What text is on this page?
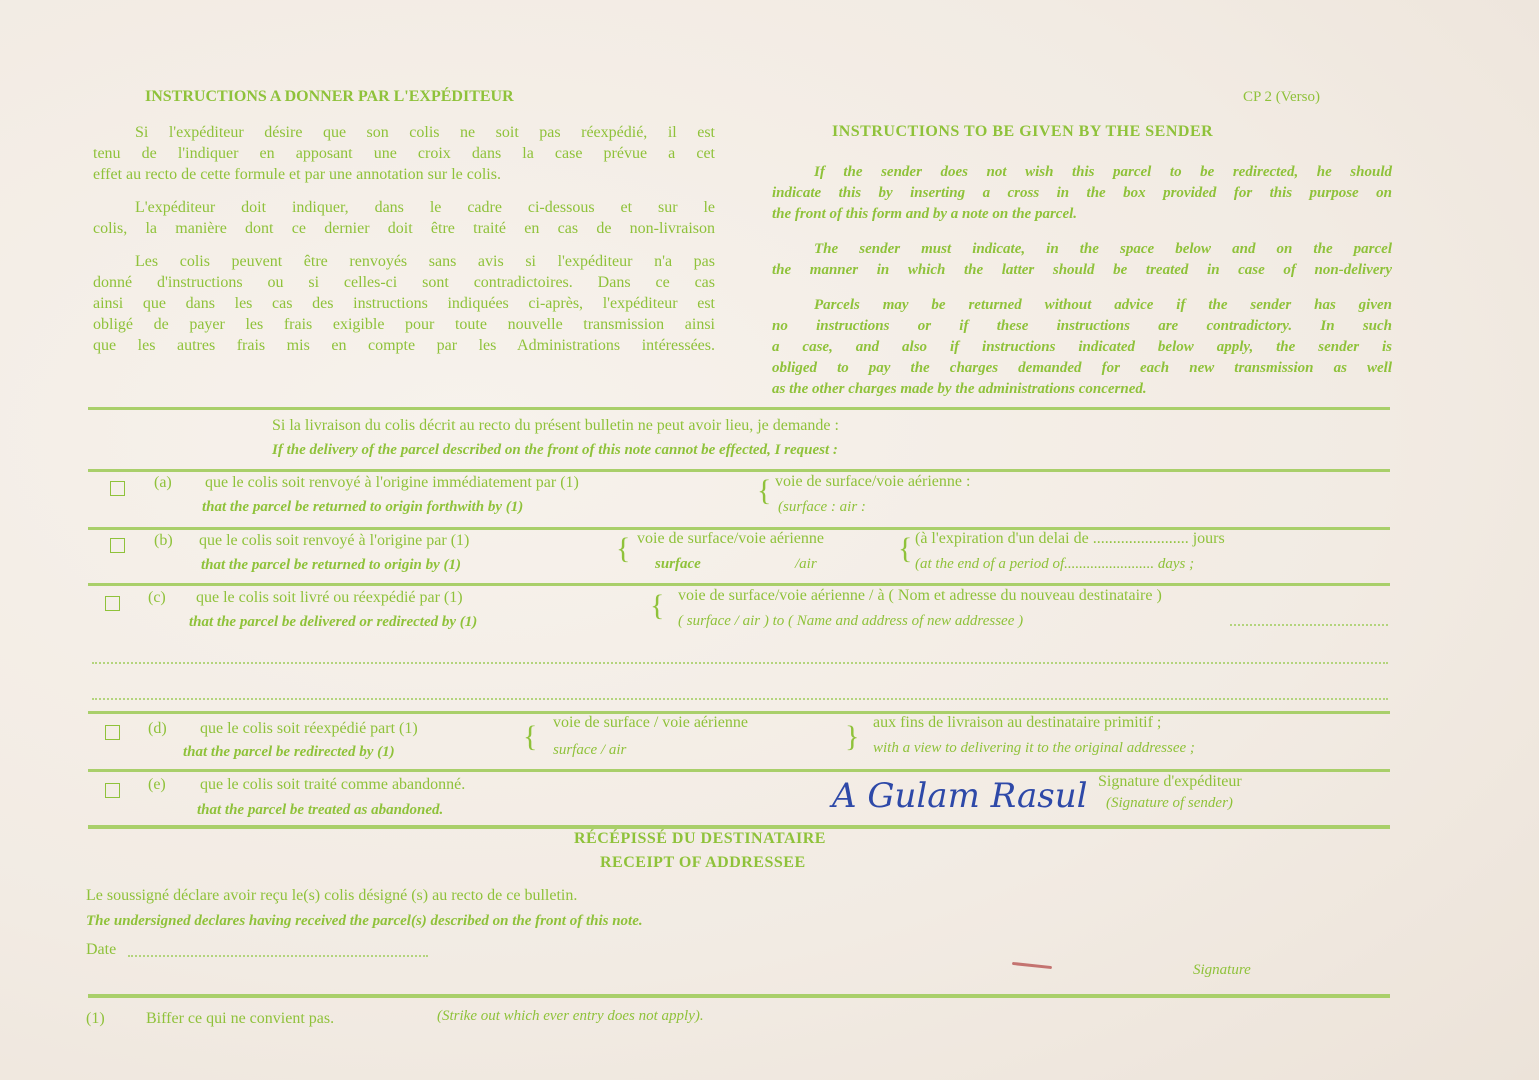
INSTRUCTIONS A DONNER PAR L'EXPÉDITEUR	CP 2 (Verso)
INSTRUCTIONS TO BE GIVEN BY THE SENDER

Si l'expéditeur désire que son colis ne soit pas réexpédié, il est

tenu de l'indiquer en apposant une croix dans la case prévue a cet

effet au recto de cette formule et par une annotation sur le colis.

L'expéditeur doit indiquer, dans le cadre ci-dessous et sur le

colis, la manière dont ce dernier doit être traité en cas de non-livraison

Les colis peuvent être renvoyés sans avis si l'expéditeur n'a pas

donné d'instructions ou si celles-ci sont contradictoires. Dans ce cas

ainsi que dans les cas des instructions indiquées ci-après, l'expéditeur est

obligé de payer les frais exigible pour toute nouvelle transmission ainsi

que les autres frais mis en compte par les Administrations intéressées.

If the sender does not wish this parcel to be redirected, he should

indicate this by inserting a cross in the box provided for this purpose on

the front of this form and by a note on the parcel.

The sender must indicate, in the space below and on the parcel

the manner in which the latter should be treated in case of non-delivery

Parcels may be returned without advice if the sender has given

no instructions or if these instructions are contradictory. In such

a case, and also if instructions indicated below apply, the sender is

obliged to pay the charges demanded for each new transmission as well

as the other charges made by the administrations concerned.

Si la livraison du colis décrit au recto du présent bulletin ne peut avoir lieu, je demande :
If the delivery of the parcel described on the front of this note cannot be effected, I request :
(a) que le colis soit renvoyé à l'origine immédiatement par (1)
that the parcel be returned to origin forthwith by (1)	{ voie de surface/voie aérienne :
(surface : air :
(b) que le colis soit renvoyé à l'origine par (1)
that the parcel be returned to origin by (1)	{ voie de surface/voie aérienne
surface	/air	{ (à l'expiration d'un delai de ........................ jours
(at the end of a period of........................ days ;
(c) que le colis soit livré ou réexpédié par (1)
that the parcel be delivered or redirected by (1)	{ voie de surface/voie aérienne / à ( Nom et adresse du nouveau destinataire )
( surface / air ) to ( Name and address of new addressee )
(d) que le colis soit réexpédié part (1)
that the parcel be redirected by (1)	{ voie de surface / voie aérienne
surface / air	} aux fins de livraison au destinataire primitif ;
with a view to delivering it to the original addressee ;
(e) que le colis soit traité comme abandonné.
that the parcel be treated as abandoned.
Signature d'expéditeur
(Signature of sender)
A Gulam Rasul
RÉCÉPISSÉ DU DESTINATAIRE
RECEIPT OF ADDRESSEE
Le soussigné déclare avoir reçu le(s) colis désigné (s) au recto de ce bulletin.
The undersigned declares having received the parcel(s) described on the front of this note.
Date
Signature
(1)	Biffer ce qui ne convient pas.	(Strike out which ever entry does not apply).
